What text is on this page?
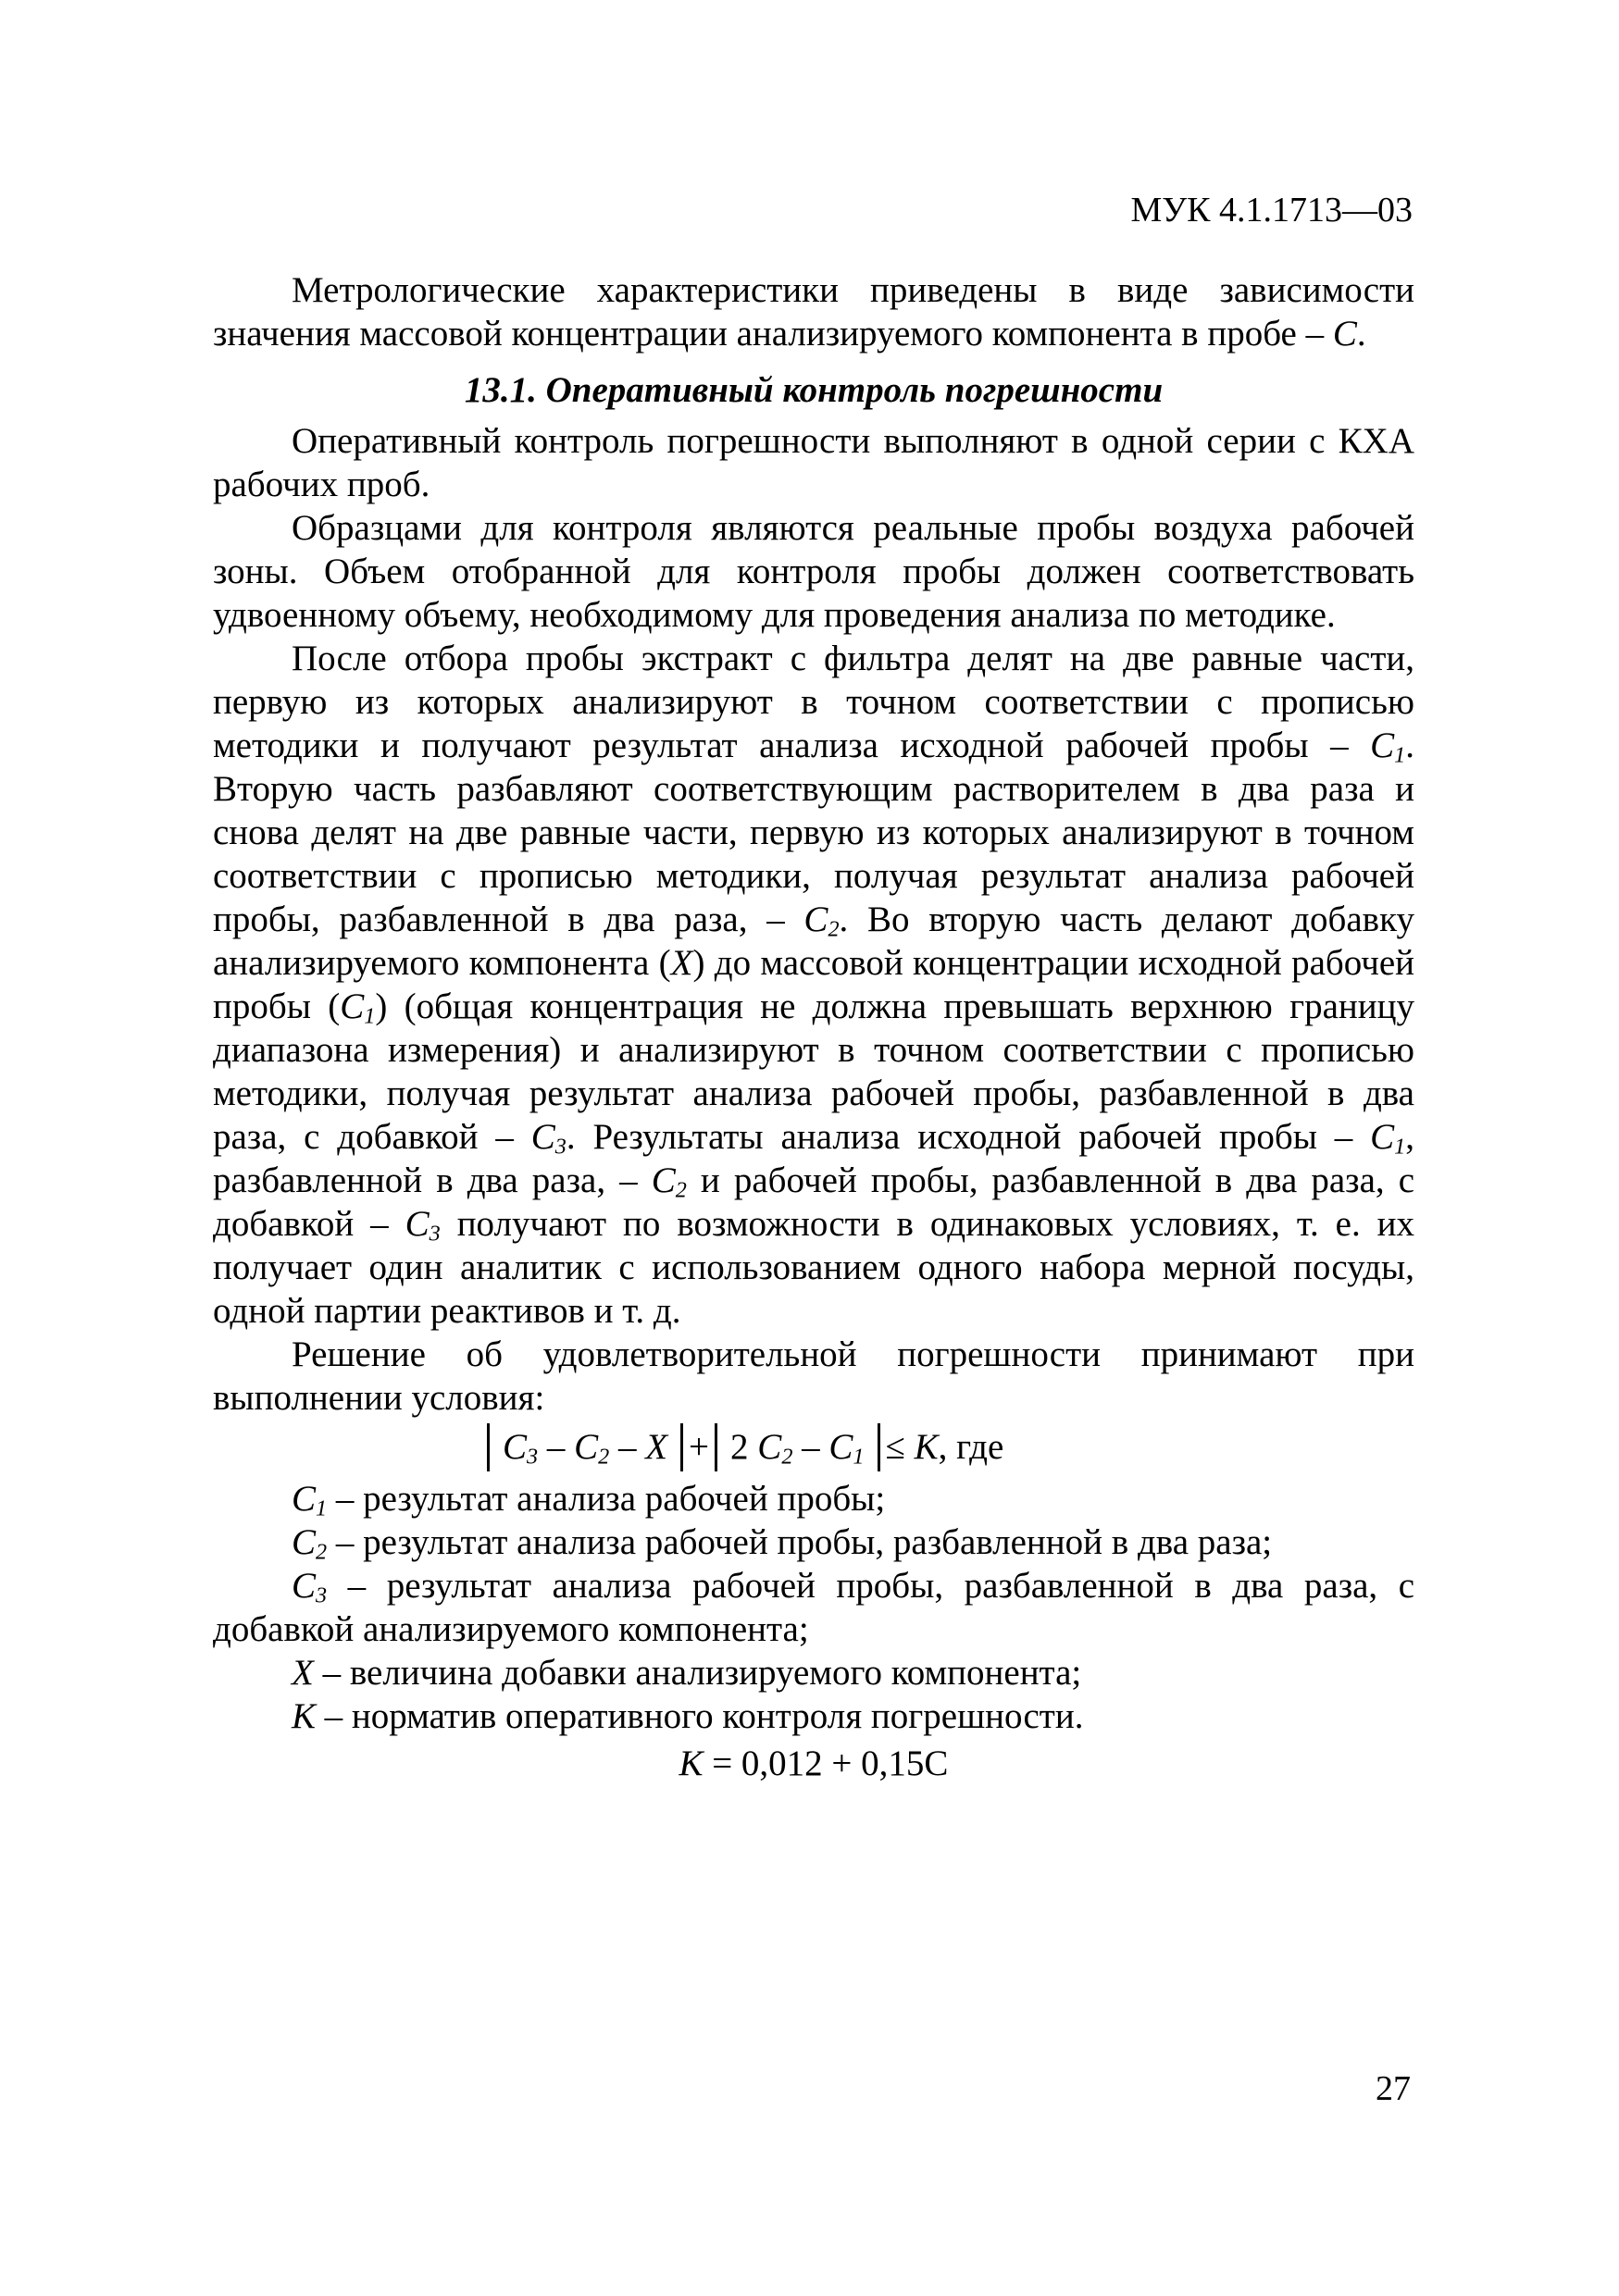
МУК 4.1.1713—03

Метрологические характеристики приведены в виде зависимости значения массовой концентрации анализируемого компонента в пробе – С.

13.1. Оперативный контроль погрешности

Оперативный контроль погрешности выполняют в одной серии с КХА рабочих проб.

Образцами для контроля являются реальные пробы воздуха рабочей зоны. Объем отобранной для контроля пробы должен соответствовать удвоенному объему, необходимому для проведения анализа по методике.

После отбора пробы экстракт с фильтра делят на две равные части, первую из которых анализируют в точном соответствии с прописью методики и получают результат анализа исходной рабочей пробы – $С_1$. Вторую часть разбавляют соответствующим растворителем в два раза и снова делят на две равные части, первую из которых анализируют в точном соответствии с прописью методики, получая результат анализа рабочей пробы, разбавленной в два раза, – $С_2$. Во вторую часть делают добавку анализируемого компонента (Х) до массовой концентрации исходной рабочей пробы $(С_1)$ (общая концентрация не должна превышать верхнюю границу диапазона измерения) и анализируют в точном соответствии с прописью методики, получая результат анализа рабочей пробы, разбавленной в два раза, с добавкой – $С_3$. Результаты анализа исходной рабочей пробы – $С_1$, разбавленной в два раза, – $С_2$ и рабочей пробы, разбавленной в два раза, с добавкой – $С_3$ получают по возможности в одинаковых условиях, т. е. их получает один аналитик с использованием одного набора мерной посуды, одной партии реактивов и т. д.

Решение об удовлетворительной погрешности принимают при выполнении условия:

$С_3 - С_2 - Х + 2$ $С_2 - С_1 \le К$, где

$С_1$ – результат анализа рабочей пробы;

$С_2$ – результат анализа рабочей пробы, разбавленной в два раза;

$С_3$ – результат анализа рабочей пробы, разбавленной в два раза, с добавкой анализируемого компонента;

Х – величина добавки анализируемого компонента;

К – норматив оперативного контроля погрешности.

К = 0,012 + 0,15С
27
